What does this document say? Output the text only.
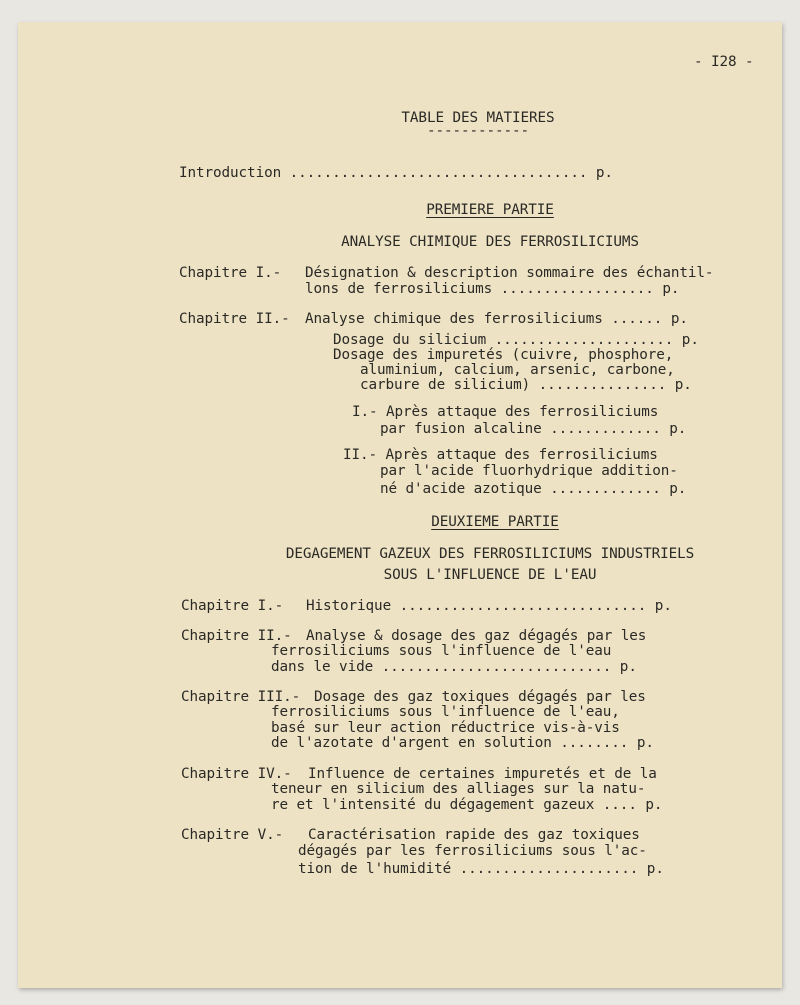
- I28 -
TABLE DES MATIERES
------------
Introduction ................................... p.
PREMIERE PARTIE
ANALYSE CHIMIQUE DES FERROSILICIUMS
Chapitre I.- Désignation & description sommaire des échantil-
lons de ferrosiliciums .................. p.
Chapitre II.- Analyse chimique des ferrosiliciums ...... p.
Dosage du silicium ..................... p.
Dosage des impuretés (cuivre, phosphore,
aluminium, calcium, arsenic, carbone,
carbure de silicium) ............... p.
I.- Après attaque des ferrosiliciums
par fusion alcaline ............. p.
II.- Après attaque des ferrosiliciums
par l'acide fluorhydrique addition-
né d'acide azotique ............. p.
DEUXIEME PARTIE
DEGAGEMENT GAZEUX DES FERROSILICIUMS INDUSTRIELS
SOUS L'INFLUENCE DE L'EAU
Chapitre I.- Historique ............................. p.
Chapitre II.- Analyse & dosage des gaz dégagés par les
ferrosiliciums sous l'influence de l'eau
dans le vide ........................... p.
Chapitre III.- Dosage des gaz toxiques dégagés par les
ferrosiliciums sous l'influence de l'eau,
basé sur leur action réductrice vis-à-vis
de l'azotate d'argent en solution ........ p.
Chapitre IV.- Influence de certaines impuretés et de la
teneur en silicium des alliages sur la natu-
re et l'intensité du dégagement gazeux .... p.
Chapitre V.- Caractérisation rapide des gaz toxiques
dégagés par les ferrosiliciums sous l'ac-
tion de l'humidité ..................... p.
